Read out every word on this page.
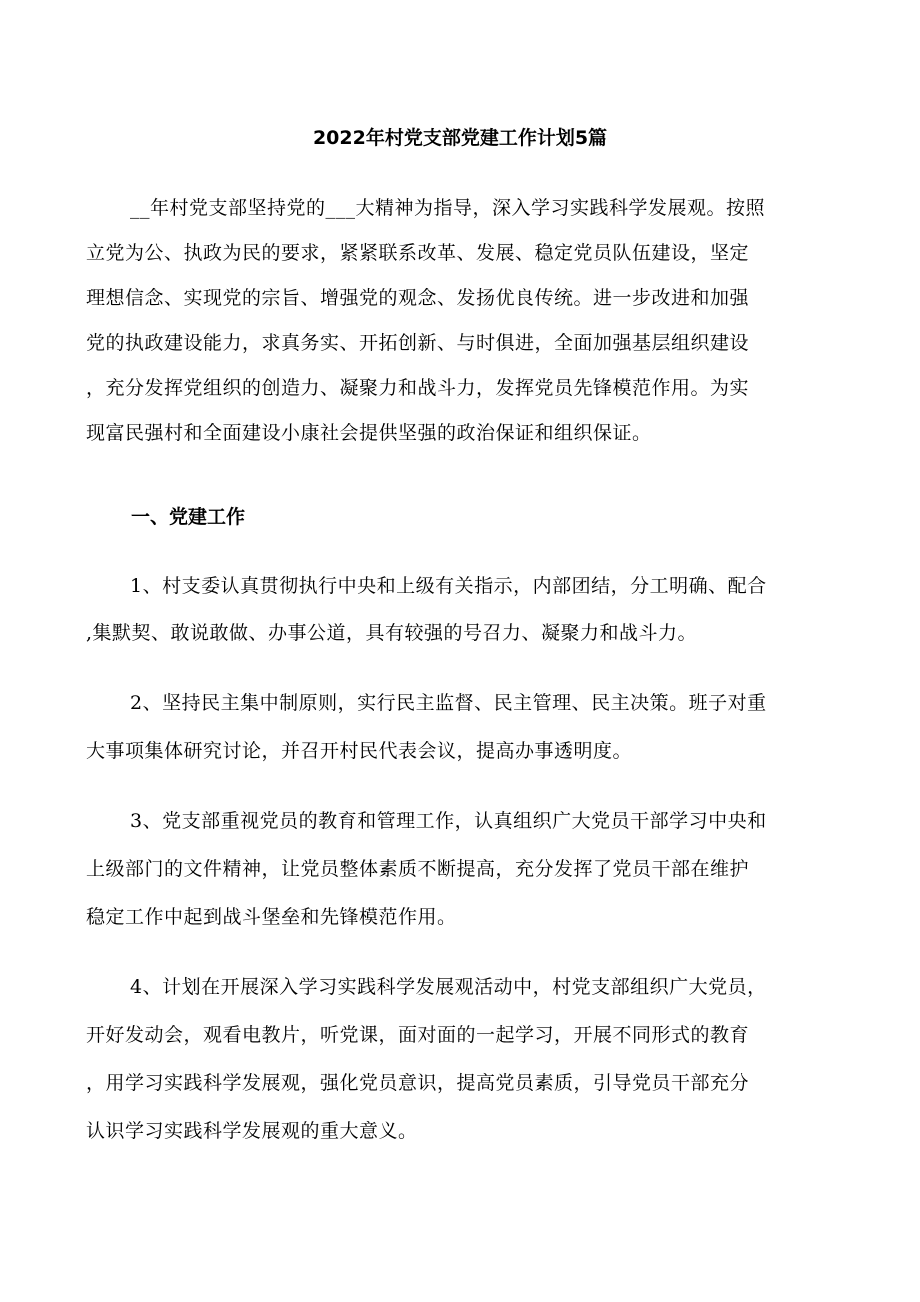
2022年村党支部党建工作计划5篇
__年村党支部坚持党的___大精神为指导，深入学习实践科学发展观。按照
立党为公、执政为民的要求，紧紧联系改革、发展、稳定党员队伍建设，坚定
理想信念、实现党的宗旨、增强党的观念、发扬优良传统。进一步改进和加强
党的执政建设能力，求真务实、开拓创新、与时俱进，全面加强基层组织建设
，充分发挥党组织的创造力、凝聚力和战斗力，发挥党员先锋模范作用。为实
现富民强村和全面建设小康社会提供坚强的政治保证和组织保证。
一、党建工作
1、村支委认真贯彻执行中央和上级有关指示，内部团结，分工明确、配合
,集默契、敢说敢做、办事公道，具有较强的号召力、凝聚力和战斗力。
2、坚持民主集中制原则，实行民主监督、民主管理、民主决策。班子对重
大事项集体研究讨论，并召开村民代表会议，提高办事透明度。
3、党支部重视党员的教育和管理工作，认真组织广大党员干部学习中央和
上级部门的文件精神，让党员整体素质不断提高，充分发挥了党员干部在维护
稳定工作中起到战斗堡垒和先锋模范作用。
4、计划在开展深入学习实践科学发展观活动中，村党支部组织广大党员，
开好发动会，观看电教片，听党课，面对面的一起学习，开展不同形式的教育
，用学习实践科学发展观，强化党员意识，提高党员素质，引导党员干部充分
认识学习实践科学发展观的重大意义。
